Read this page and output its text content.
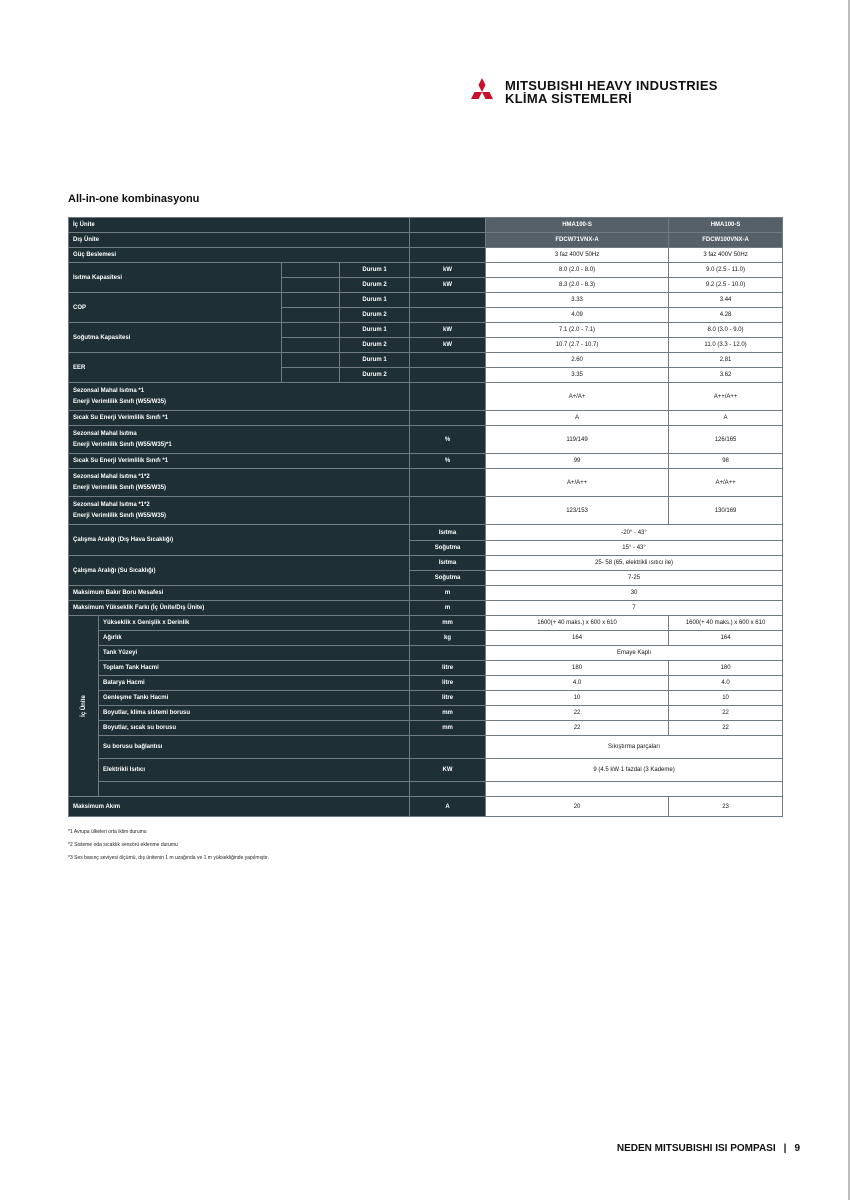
MITSUBISHI HEAVY INDUSTRIES
KLİMA SİSTEMLERİ
All-in-one kombinasyonu
İç Ünite					HMA100-S	HMA100-S
Dış Ünite					FDCW71VNX-A	FDCW100VNX-A
Güç Beslemesi					3 faz 400V 50Hz	3 faz 400V 50Hz
Isıtma Kapasitesi			Durum 1	kW	8.0 (2.0 - 8.0)	9.0 (2.5 - 11.0)
			Durum 2	kW	8.3 (2.0 - 8.3)	9.2 (2.5 - 10.0)
COP			Durum 1		3.33	3.44
			Durum 2		4.09	4.28
Soğutma Kapasitesi			Durum 1	kW	7.1 (2.0 - 7.1)	8.0 (3.0 - 9.0)
			Durum 2	kW	10.7 (2.7 - 10.7)	11.0 (3.3 - 12.0)
EER			Durum 1		2.60	2.81
			Durum 2		3.35	3.62

Sezonsal Mahal Isıtma *1
Enerji Verimlilik Sınıfı (W55/W35)					A+/A+	A++/A++
Sıcak Su Enerji Verimlilik Sınıfı *1					A	A

Sezonsal Mahal Isıtma
Enerji Verimlilik Sınıfı (W55/W35)*1				%	119/149	126/165
Sıcak Su Enerji Verimlilik Sınıfı *1				%	99	98

Sezonsal Mahal Isıtma *1*2
Enerji Verimlilik Sınıfı (W55/W35)					A+/A++	A+/A++

Sezonsal Mahal Isıtma *1*2
Enerji Verimlilik Sınıfı (W55/W35)					123/153	130/169
Çalışma Aralığı (Dış Hava Sıcaklığı)				Isıtma	-20° - 43°	
				Soğutma	15° - 43°	
Çalışma Aralığı (Su Sıcaklığı)				Isıtma	25- 58 (65, elektrikli ısıtıcı ile)	
				Soğutma	7-25	
Maksimum Bakır Boru Mesafesi				m	30	
Maksimum Yükseklik Farkı (İç Ünite/Dış Ünite)				m	7	
İç Ünite	Yükseklik x Genişlik x Derinlik			mm	1600(+ 40 maks.) x 600 x 610	1600(+ 40 maks.) x 600 x 610
	Ağırlık			kg	164	164
	Tank Yüzeyi				Emaye Kaplı	
	Toplam Tank Hacmi			litre	180	180
	Batarya Hacmi			litre	4.0	4.0
	Genleşme Tankı Hacmi			litre	10	10
	Boyutlar, klima sistemi borusu			mm	22	22
	Boyutlar, sıcak su borusu			mm	22	22
	Su borusu bağlantısı				Sıkıştırma parçaları	
	Elektrikli Isıtıcı			KW	9 (4.5 kW 1 fazdal (3 Kademe)	

Maksimum Akım				A	20	23
*1 Avrupa ülkeleri orta iklim durumu
*2 Sisteme oda sıcaklık sensörü eklenme durumu
*3 Ses basınç seviyesi ölçümü, dış ünitenin 1 m uzağında ve 1 m yüksekliğinde yapılmıştır.
NEDEN MITSUBISHI ISI POMPASI | 9
